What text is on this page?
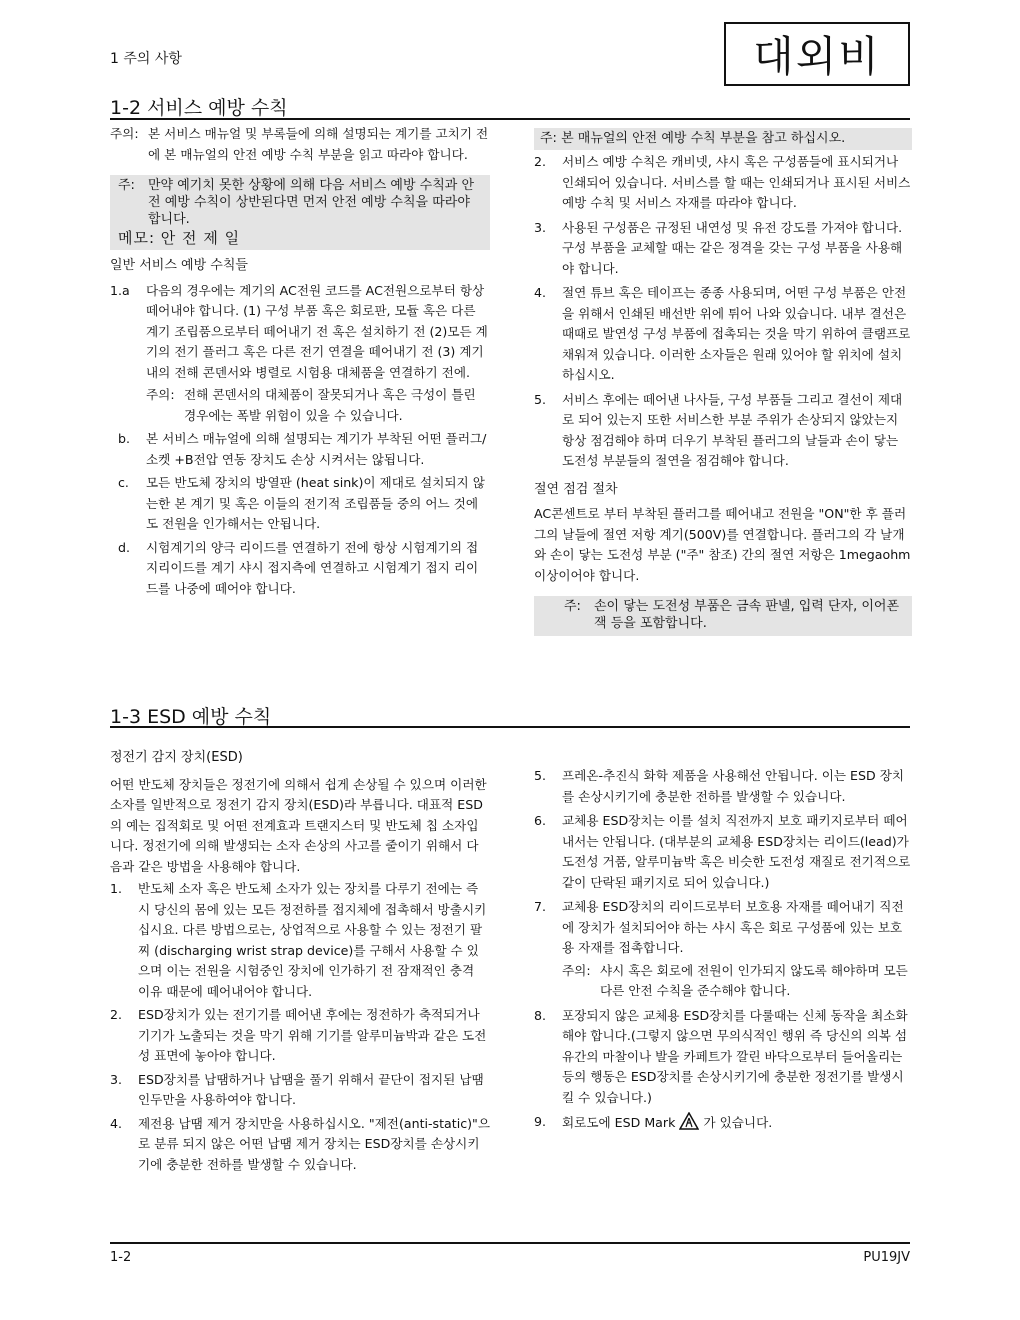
1 주의 사항	대외비
1-2 서비스 예방 수칙
주의: 본 서비스 매뉴얼 및 부록들에 의해 설명되는 계기를 고치기 전에 본 매뉴얼의 안전 예방 수칙 부분을 읽고 따라야 합니다.
주:	만약 예기치 못한 상황에 의해 다음 서비스 예방 수칙과 안전 예방 수칙이 상반된다면 먼저 안전 예방 수칙을 따라야 합니다.
메모: 안 전 제 일

일반 서비스 예방 수칙들

1.a	다음의 경우에는 계기의 AC전원 코드를 AC전원으로부터 항상 떼어내야 합니다. (1) 구성 부품 혹은 회로판, 모듈 혹은 다른 계기 조립품으로부터 떼어내기 전 혹은 설치하기 전 (2)모든 계기의 전기 플러그 혹은 다른 전기 연결을 떼어내기 전 (3) 계기내의 전해 콘덴서와 병렬로 시험용 대체품을 연결하기 전에.
주의: 전해 콘덴서의 대체품이 잘못되거나 혹은 극성이 틀린 경우에는 폭발 위험이 있을 수 있습니다.
b.	본 서비스 매뉴얼에 의해 설명되는 계기가 부착된 어떤 플러그/소켓 +B전압 연동 장치도 손상 시켜서는 않됩니다.
c.	모든 반도체 장치의 방열판 (heat sink)이 제대로 설치되지 않는한 본 계기 및 혹은 이들의 전기적 조립품들 중의 어느 것에도 전원을 인가해서는 안됩니다.
d.	시험계기의 양극 리이드를 연결하기 전에 항상 시험계기의 접지리이드를 계기 샤시 접지측에 연결하고 시험계기 접지 리이드를 나중에 떼어야 합니다.
주: 본 매뉴얼의 안전 예방 수칙 부분을 참고 하십시오.
2.	서비스 예방 수칙은 캐비넷, 샤시 혹은 구성품들에 표시되거나 인쇄되어 있습니다. 서비스를 할 때는 인쇄되거나 표시된 서비스 예방 수칙 및 서비스 자재를 따라야 합니다.
3.	사용된 구성품은 규정된 내연성 및 유전 강도를 가져야 합니다. 구성 부품을 교체할 때는 같은 정격을 갖는 구성 부품을 사용해야 합니다.
4.	절연 튜브 혹은 테이프는 종종 사용되며, 어떤 구성 부품은 안전을 위해서 인쇄된 배선반 위에 튀어 나와 있습니다. 내부 결선은 때때로 발연성 구성 부품에 접촉되는 것을 막기 위하여 클램프로 채워져 있습니다. 이러한 소자들은 원래 있어야 할 위치에 설치 하십시오.
5.	서비스 후에는 떼어낸 나사들, 구성 부품들 그리고 결선이 제대로 되어 있는지 또한 서비스한 부분 주위가 손상되지 않았는지 항상 점검해야 하며 더우기 부착된 플러그의 날들과 손이 닿는 도전성 부분들의 절연을 점검해야 합니다.

절연 점검 절차

AC콘센트로 부터 부착된 플러그를 떼어내고 전원을 "ON"한 후 플러그의 날들에 절연 저항 계기(500V)를 연결합니다. 플러그의 각 날개와 손이 닿는 도전성 부분 ("주" 참조) 간의 절연 저항은 1megaohm이상이어야 합니다.

주:	손이 닿는 도전성 부품은 금속 판넬, 입력 단자, 이어폰 잭 등을 포함합니다.
1-3 ESD 예방 수칙

정전기 감지 장치(ESD)

어떤 반도체 장치들은 정전기에 의해서 쉽게 손상될 수 있으며 이러한 소자를 일반적으로 정전기 감지 장치(ESD)라 부릅니다. 대표적 ESD의 예는 집적회로 및 어떤 전계효과 트랜지스터 및 반도체 칩 소자입니다. 정전기에 의해 발생되는 소자 손상의 사고를 줄이기 위해서 다음과 같은 방법을 사용해야 합니다.

1.	반도체 소자 혹은 반도체 소자가 있는 장치를 다루기 전에는 즉시 당신의 몸에 있는 모든 정전하를 접지체에 접촉해서 방출시키십시요. 다른 방법으로는, 상업적으로 사용할 수 있는 정전기 팔찌 (discharging wrist strap device)를 구해서 사용할 수 있으며 이는 전원을 시험중인 장치에 인가하기 전 잠재적인 충격 이유 때문에 떼어내어야 합니다.
2.	ESD장치가 있는 전기기를 떼어낸 후에는 정전하가 축적되거나 기기가 노출되는 것을 막기 위해 기기를 알루미늄박과 같은 도전성 표면에 놓아야 합니다.
3.	ESD장치를 납땜하거나 납땜을 풀기 위해서 끝단이 접지된 납땜 인두만을 사용하여야 합니다.
4.	제전용 납땜 제거 장치만을 사용하십시오. "제전(anti-static)"으로 분류 되지 않은 어떤 납땜 제거 장치는 ESD장치를 손상시키기에 충분한 전하를 발생할 수 있습니다.
5.	프레온-추진식 화학 제품을 사용해선 안됩니다. 이는 ESD 장치를 손상시키기에 충분한 전하를 발생할 수 있습니다.
6.	교체용 ESD장치는 이를 설치 직전까지 보호 패키지로부터 떼어내서는 안됩니다. (대부분의 교체용 ESD장치는 리이드(lead)가 도전성 거품, 알루미늄박 혹은 비슷한 도전성 재질로 전기적으로 같이 단락된 패키지로 되어 있습니다.)
7.	교체용 ESD장치의 리이드로부터 보호용 자재를 떼어내기 직전에 장치가 설치되어야 하는 샤시 혹은 회로 구성품에 있는 보호용 자재를 접촉합니다.
주의: 샤시 혹은 회로에 전원이 인가되지 않도록 해야하며 모든 다른 안전 수칙을 준수해야 합니다.
8.	포장되지 않은 교체용 ESD장치를 다룰때는 신체 동작을 최소화해야 합니다.(그렇지 않으면 무의식적인 행위 즉 당신의 의복 섬유간의 마찰이나 발을 카페트가 깔린 바닥으로부터 들어올리는 등의 행동은 ESD장치를 손상시키기에 충분한 정전기를 발생시킬 수 있습니다.)
9.	회로도에 ESD Mark 가 있습니다.
1-2	PU19JV
